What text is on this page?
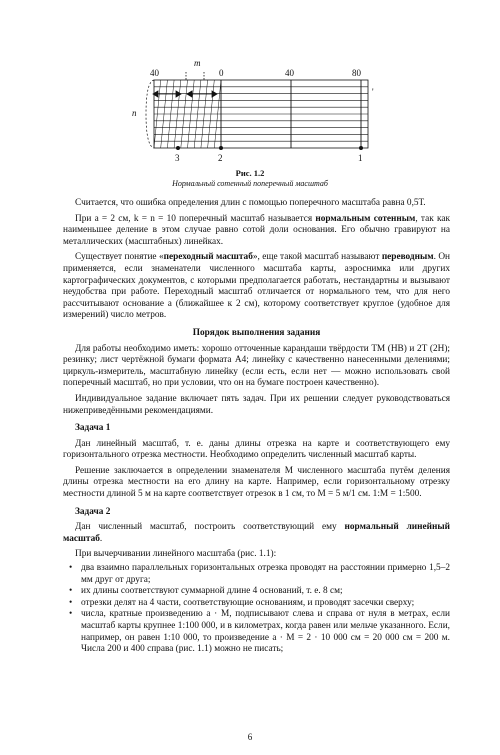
m
n
40	0	40	80
'
3	2	1
Рис. 1.2
Нормальный сотенный поперечный масштаб

Считается, что ошибка определения длин с помощью поперечного масштаба равна 0,5Т.

При a = 2 см, k = n = 10 поперечный масштаб называется нормальным сотенным, так как наименьшее деление в этом случае равно сотой доли основания. Его обычно гравируют на металлических (масштабных) линейках.

Существует понятие «переходный масштаб», еще такой масштаб называют переводным. Он применяется, если знаменатели численного масштаба карты, аэроснимка или других картографических документов, с которыми предполагается работать, нестандартны и вызывают неудобства при работе. Переходный масштаб отличается от нормального тем, что для него рассчитывают основание a (ближайшее к 2 см), которому соответствует круглое (удобное для измерений) число метров.

Порядок выполнения задания

Для работы необходимо иметь: хорошо отточенные карандаши твёрдости ТМ (HB) и 2Т (2H); резинку; лист чертёжной бумаги формата А4; линейку с качественно нанесенными делениями; циркуль-измеритель, масштабную линейку (если есть, если нет — можно использовать свой поперечный масштаб, но при условии, что он на бумаге построен качественно).

Индивидуальное задание включает пять задач. При их решении следует руководствоваться нижеприведёнными рекомендациями.

Задача 1

Дан линейный масштаб, т. е. даны длины отрезка на карте и соответствующего ему горизонтального отрезка местности. Необходимо определить численный масштаб карты.

Решение заключается в определении знаменателя M численного масштаба путём деления длины отрезка местности на его длину на карте. Например, если горизонтальному отрезку местности длиной 5 м на карте соответствует отрезок в 1 см, то M = 5 м/1 см. 1:M = 1:500.

Задача 2

Дан численный масштаб, построить соответствующий ему нормальный линейный масштаб.

При вычерчивании линейного масштаба (рис. 1.1):

• два взаимно параллельных горизонтальных отрезка проводят на расстоянии примерно 1,5–2 мм друг от друга;
• их длины соответствуют суммарной длине 4 оснований, т. е. 8 см;
• отрезки делят на 4 части, соответствующие основаниям, и проводят засечки сверху;
• числа, кратные произведению a · M, подписывают слева и справа от нуля в метрах, если масштаб карты крупнее 1:100 000, и в километрах, когда равен или мельче указанного. Если, например, он равен 1:10 000, то произведение a · M = 2 · 10 000 см = 20 000 см = 200 м. Числа 200 и 400 справа (рис. 1.1) можно не писать;
6
